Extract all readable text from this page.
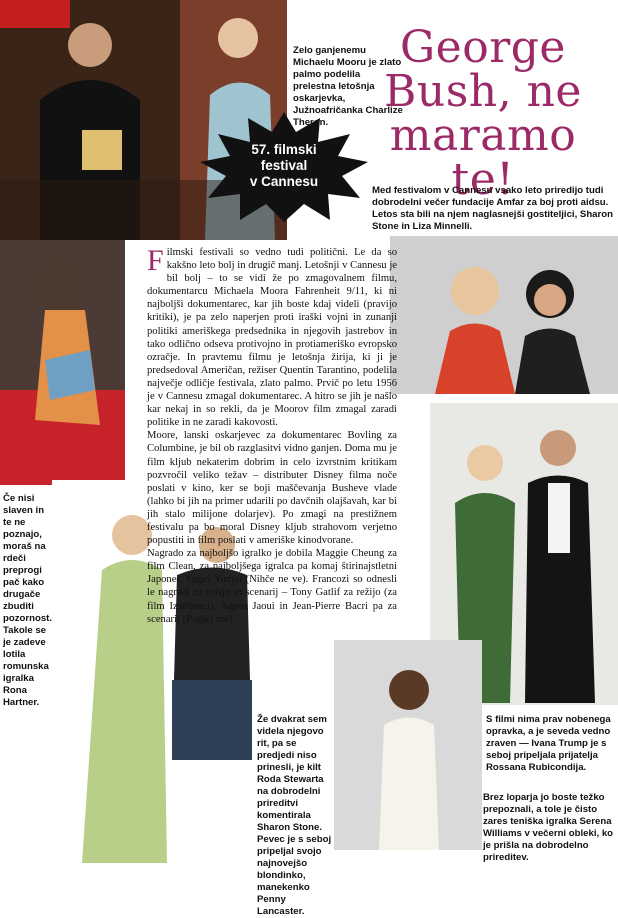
George
Bush, ne
maramo te!
57. filmski
festival
v Cannesu
Zelo ganjenemu Michaelu Mooru je zlato palmo podelila prelestna letošnja oskarjevka, Južnoafričanka Charlize Theron.
Med festivalom v Cannesu vsako leto priredijo tudi dobrodelni večer fundacije Amfar za boj proti aidsu. Letos sta bili na njem naglasnejši gostiteljici, Sharon Stone in Liza Minnelli.
Če nisi slaven in te ne poznajo, moraš na rdeči preprogi pač kako drugače zbuditi pozornost. Takole se je zadeve lotila romunska igralka Rona Hartner.
Že dvakrat sem videla njegovo rit, pa se predjedi niso prinesli, je kilt Roda Stewarta na dobrodelni prireditvi komentirala Sharon Stone. Pevec je s seboj pripeljal svojo najnovejšo blondinko, manekenko Penny Lancaster.
S filmi nima prav nobenega opravka, a je seveda vedno zraven — Ivana Trump je s seboj pripeljala prijatelja Rossana Rubicondija.
Brez loparja jo boste težko prepoznali, a tole je čisto zares teniška igralka Serena Williams v večerni obleki, ko je prišla na dobrodelno prireditev.

Filmski festivali so vedno tudi politični. Le da so kakšno leto bolj in drugič manj. Letošnji v Cannesu je bil bolj – to se vidi že po zmagovalnem filmu, dokumentarcu Michaela Moora Fahrenheit 9/11, ki ni najboljši dokumentarec, kar jih boste kdaj videli (pravijo kritiki), je pa zelo naperjen proti iraški vojni in zunanji politiki ameriškega predsednika in njegovih jastrebov in tako odlično odseva protivojno in protiameriško evropsko ozračje. In pravtemu filmu je letošnja žirija, ki ji je predsedoval Američan, režiser Quentin Tarantino, podelila največje odličje festivala, zlato palmo. Prvič po letu 1956 je v Cannesu zmagal dokumentarec. A hitro se jih je našlo kar nekaj in so rekli, da je Moorov film zmagal zaradi politike in ne zaradi kakovosti.

Moore, lanski oskarjevec za dokumentarec Bovling za Columbine, je bil ob razglasitvi vidno ganjen. Doma mu je film kljub nekaterim dobrim in celo izvrstnim kritikam pozvročil veliko težav – distributer Disney filma noče poslati v kino, ker se boji maščevanja Busheve vlade (lahko bi jih na primer udarili po davčnih olajšavah, kar bi jih stalo milijone dolarjev). Po zmagi na prestižnem festivalu pa bo moral Disney kljub strahovom verjetno popustiti in film poslati v ameriške kinodvorane.

Nagrado za najboljšo igralko je dobila Maggie Cheung za film Clean, za najboljšega igralca pa komaj štirinajstletni Japonec Yagiri Yuuyu (Nihče ne ve). Francozi so odnesli le nagradi za režijo in scenarij – Tony Gatlif za režijo (za film Izseljenci), Agnes Jaoui in Jean-Pierre Bacri pa za scenarij (Poglej me).
